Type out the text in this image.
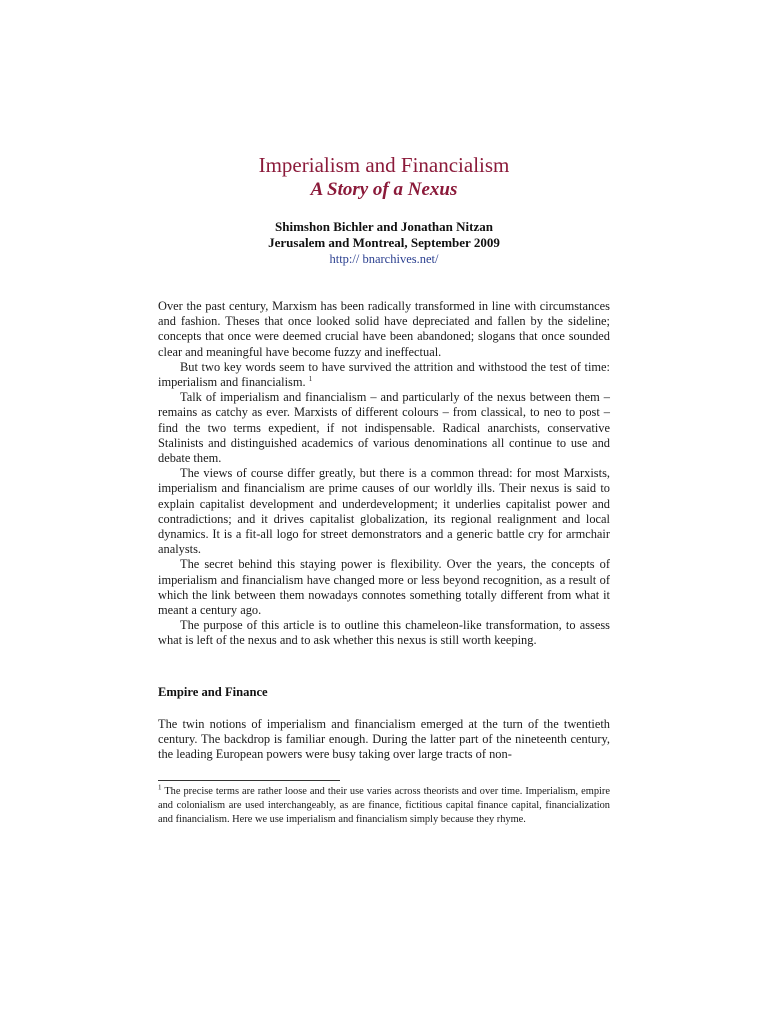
Imperialism and Financialism
A Story of a Nexus
Shimshon Bichler and Jonathan Nitzan
Jerusalem and Montreal, September 2009
http:// bnarchives.net/

Over the past century, Marxism has been radically transformed in line with circumstances and fashion. Theses that once looked solid have depreciated and fallen by the sideline; concepts that once were deemed crucial have been abandoned; slogans that once sounded clear and meaningful have become fuzzy and ineffectual.

But two key words seem to have survived the attrition and withstood the test of time: imperialism and financialism. $^1$

Talk of imperialism and financialism – and particularly of the nexus between them – remains as catchy as ever. Marxists of different colours – from classical, to neo to post – find the two terms expedient, if not indispensable. Radical anarchists, conservative Stalinists and distinguished academics of various denominations all continue to use and debate them.

The views of course differ greatly, but there is a common thread: for most Marxists, imperialism and financialism are prime causes of our worldly ills. Their nexus is said to explain capitalist development and underdevelopment; it underlies capitalist power and contradictions; and it drives capitalist globalization, its regional realignment and local dynamics. It is a fit-all logo for street demonstrators and a generic battle cry for armchair analysts.

The secret behind this staying power is flexibility. Over the years, the concepts of imperialism and financialism have changed more or less beyond recognition, as a result of which the link between them nowadays connotes something totally different from what it meant a century ago.

The purpose of this article is to outline this chameleon-like transformation, to assess what is left of the nexus and to ask whether this nexus is still worth keeping.

Empire and Finance

The twin notions of imperialism and financialism emerged at the turn of the twentieth century. The backdrop is familiar enough. During the latter part of the nineteenth century, the leading European powers were busy taking over large tracts of non-

$^1$ The precise terms are rather loose and their use varies across theorists and over time. Imperialism, empire and colonialism are used interchangeably, as are finance, fictitious capital finance capital, financialization and financialism. Here we use imperialism and financialism simply because they rhyme.
